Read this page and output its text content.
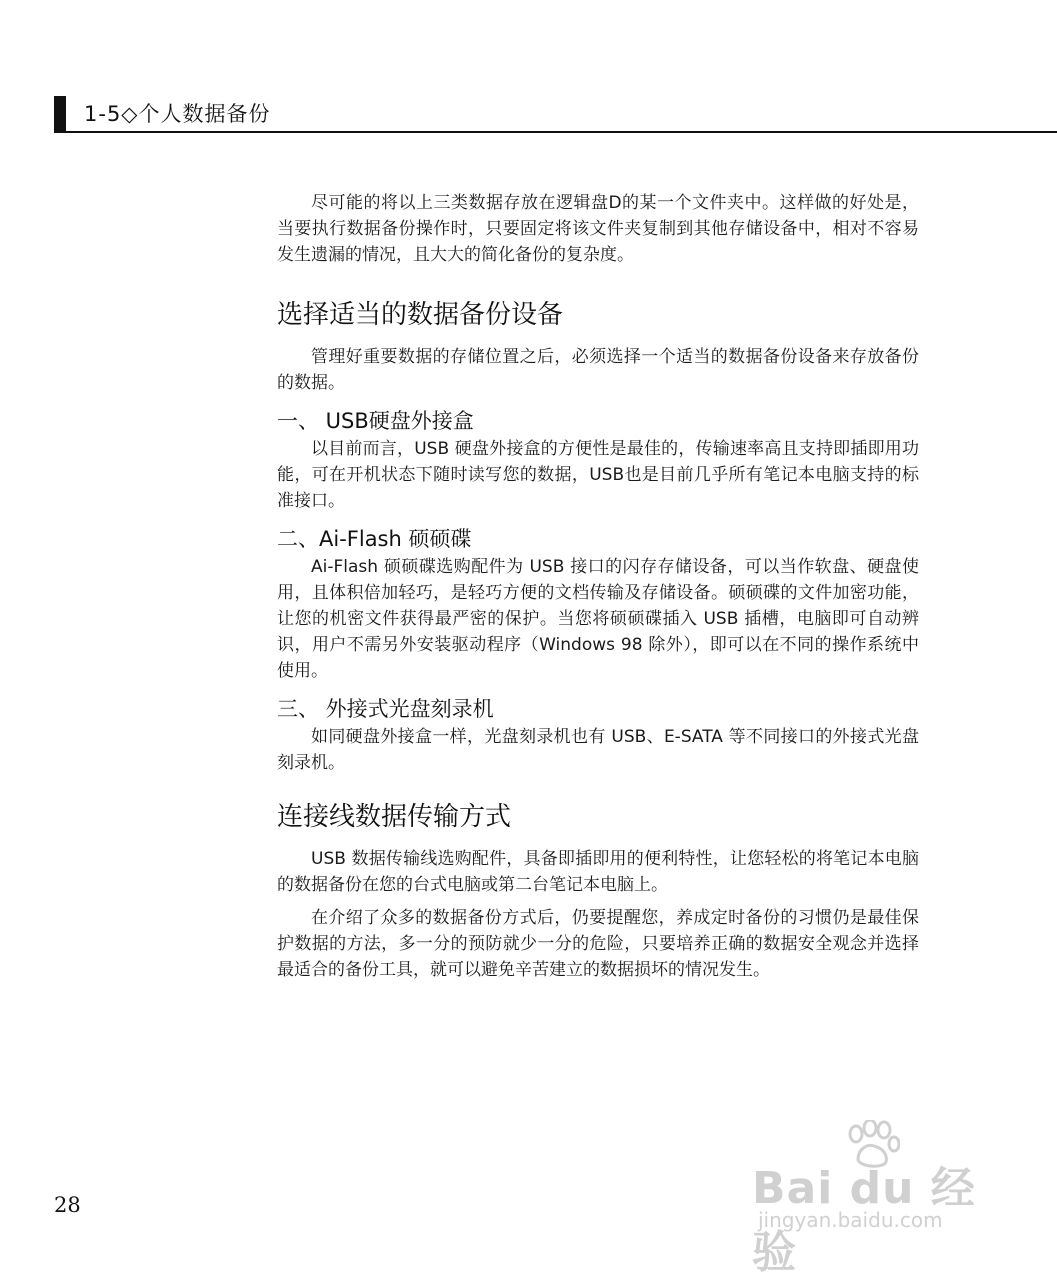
1-5◇个人数据备份

尽可能的将以上三类数据存放在逻辑盘D的某一个文件夹中。这样做的好处是，当要执行数据备份操作时，只要固定将该文件夹复制到其他存储设备中，相对不容易发生遗漏的情况，且大大的简化备份的复杂度。

选择适当的数据备份设备

管理好重要数据的存储位置之后，必须选择一个适当的数据备份设备来存放备份的数据。

一、 USB硬盘外接盒

以目前而言，USB 硬盘外接盒的方便性是最佳的，传输速率高且支持即插即用功能，可在开机状态下随时读写您的数据，USB也是目前几乎所有笔记本电脑支持的标准接口。

二、Ai-Flash 硕硕碟

Ai-Flash 硕硕碟选购配件为 USB 接口的闪存存储设备，可以当作软盘、硬盘使用，且体积倍加轻巧，是轻巧方便的文档传输及存储设备。硕硕碟的文件加密功能，让您的机密文件获得最严密的保护。当您将硕硕碟插入 USB 插槽，电脑即可自动辨识，用户不需另外安装驱动程序（Windows 98 除外），即可以在不同的操作系统中使用。

三、 外接式光盘刻录机

如同硬盘外接盒一样，光盘刻录机也有 USB、E-SATA 等不同接口的外接式光盘刻录机。

连接线数据传输方式

USB 数据传输线选购配件，具备即插即用的便利特性，让您轻松的将笔记本电脑的数据备份在您的台式电脑或第二台笔记本电脑上。

在介绍了众多的数据备份方式后，仍要提醒您，养成定时备份的习惯仍是最佳保护数据的方法，多一分的预防就少一分的危险，只要培养正确的数据安全观念并选择最适合的备份工具，就可以避免辛苦建立的数据损坏的情况发生。

28	Bai du 经验
jingyan.baidu.com
